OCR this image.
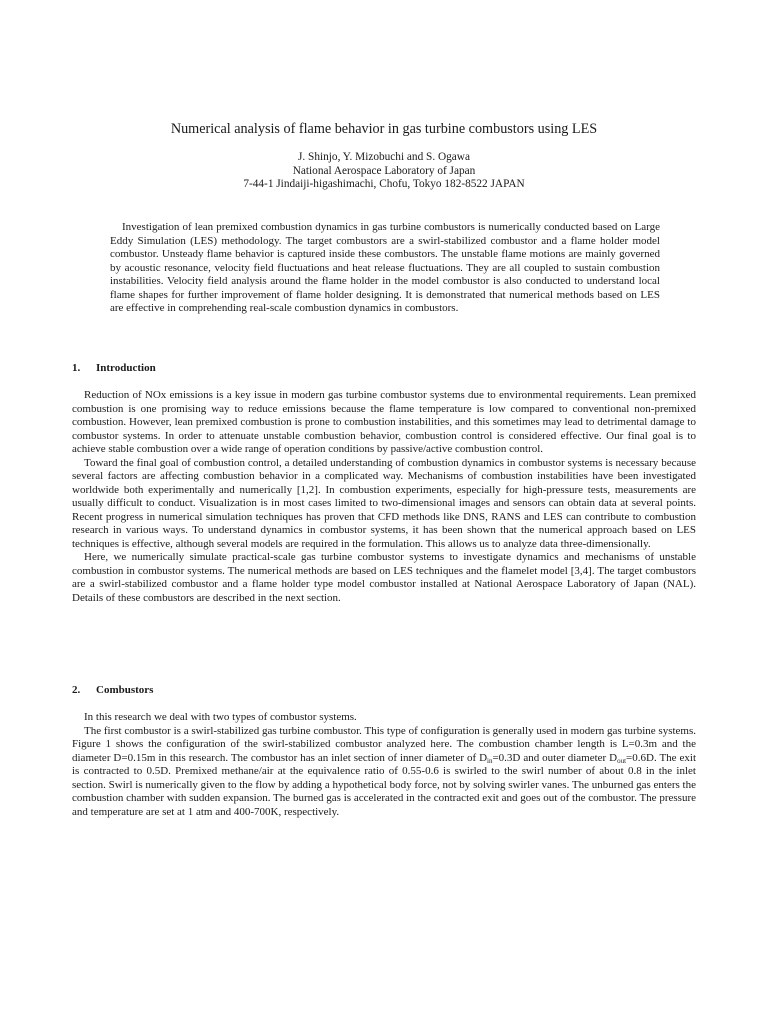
Numerical analysis of flame behavior in gas turbine combustors using LES
J. Shinjo, Y. Mizobuchi and S. Ogawa
National Aerospace Laboratory of Japan
7-44-1 Jindaiji-higashimachi, Chofu, Tokyo 182-8522 JAPAN

Investigation of lean premixed combustion dynamics in gas turbine combustors is numerically conducted based on Large Eddy Simulation (LES) methodology. The target combustors are a swirl-stabilized combustor and a flame holder model combustor. Unsteady flame behavior is captured inside these combustors. The unstable flame motions are mainly governed by acoustic resonance, velocity field fluctuations and heat release fluctuations. They are all coupled to sustain combustion instabilities. Velocity field analysis around the flame holder in the model combustor is also conducted to understand local flame shapes for further improvement of flame holder designing. It is demonstrated that numerical methods based on LES are effective in comprehending real-scale combustion dynamics in combustors.

1. Introduction

Reduction of NOx emissions is a key issue in modern gas turbine combustor systems due to environmental requirements. Lean premixed combustion is one promising way to reduce emissions because the flame temperature is low compared to conventional non-premixed combustion. However, lean premixed combustion is prone to combustion instabilities, and this sometimes may lead to detrimental damage to combustor systems. In order to attenuate unstable combustion behavior, combustion control is considered effective. Our final goal is to achieve stable combustion over a wide range of operation conditions by passive/active combustion control.

Toward the final goal of combustion control, a detailed understanding of combustion dynamics in combustor systems is necessary because several factors are affecting combustion behavior in a complicated way. Mechanisms of combustion instabilities have been investigated worldwide both experimentally and numerically [1,2]. In combustion experiments, especially for high-pressure tests, measurements are usually difficult to conduct. Visualization is in most cases limited to two-dimensional images and sensors can obtain data at several points. Recent progress in numerical simulation techniques has proven that CFD methods like DNS, RANS and LES can contribute to combustion research in various ways. To understand dynamics in combustor systems, it has been shown that the numerical approach based on LES techniques is effective, although several models are required in the formulation. This allows us to analyze data three-dimensionally.

Here, we numerically simulate practical-scale gas turbine combustor systems to investigate dynamics and mechanisms of unstable combustion in combustor systems. The numerical methods are based on LES techniques and the flamelet model [3,4]. The target combustors are a swirl-stabilized combustor and a flame holder type model combustor installed at National Aerospace Laboratory of Japan (NAL). Details of these combustors are described in the next section.

2. Combustors

In this research we deal with two types of combustor systems.

The first combustor is a swirl-stabilized gas turbine combustor. This type of configuration is generally used in modern gas turbine systems. Figure 1 shows the configuration of the swirl-stabilized combustor analyzed here. The combustion chamber length is L=0.3m and the diameter D=0.15m in this research. The combustor has an inlet section of inner diameter of $D_{in}=0.3D$ and outer diameter $D_{out}=0.6D$. The exit is contracted to 0.5D. Premixed methane/air at the equivalence ratio of 0.55-0.6 is swirled to the swirl number of about 0.8 in the inlet section. Swirl is numerically given to the flow by adding a hypothetical body force, not by solving swirler vanes. The unburned gas enters the combustion chamber with sudden expansion. The burned gas is accelerated in the contracted exit and goes out of the combustor. The pressure and temperature are set at 1 atm and 400-700K, respectively.
